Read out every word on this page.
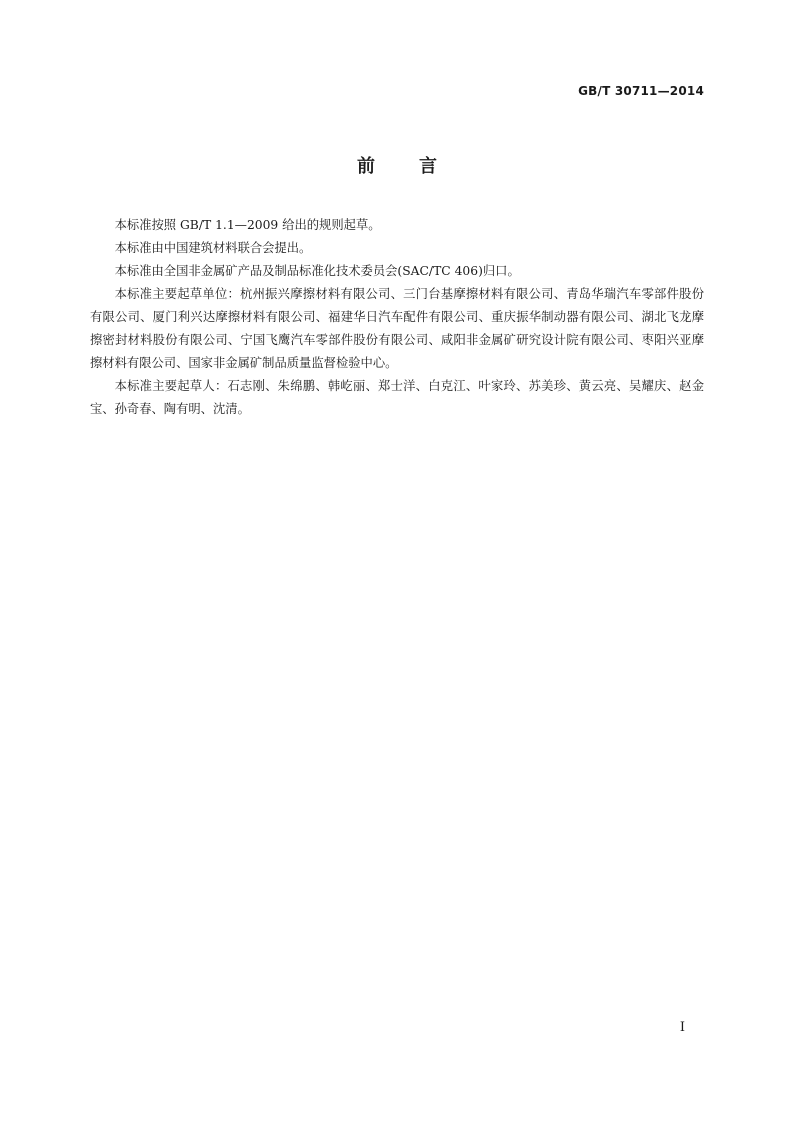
GB/T 30711—2014
前 言

本标准按照 GB/T 1.1—2009 给出的规则起草。

本标准由中国建筑材料联合会提出。

本标准由全国非金属矿产品及制品标准化技术委员会(SAC/TC 406)归口。

本标准主要起草单位：杭州振兴摩擦材料有限公司、三门台基摩擦材料有限公司、青岛华瑞汽车零部件股份有限公司、厦门利兴达摩擦材料有限公司、福建华日汽车配件有限公司、重庆振华制动器有限公司、湖北飞龙摩擦密封材料股份有限公司、宁国飞鹰汽车零部件股份有限公司、咸阳非金属矿研究设计院有限公司、枣阳兴亚摩擦材料有限公司、国家非金属矿制品质量监督检验中心。

本标准主要起草人：石志刚、朱绵鹏、韩屹丽、郑士洋、白克江、叶家玲、苏美珍、黄云亮、吴耀庆、赵金宝、孙奇春、陶有明、沈清。

I
